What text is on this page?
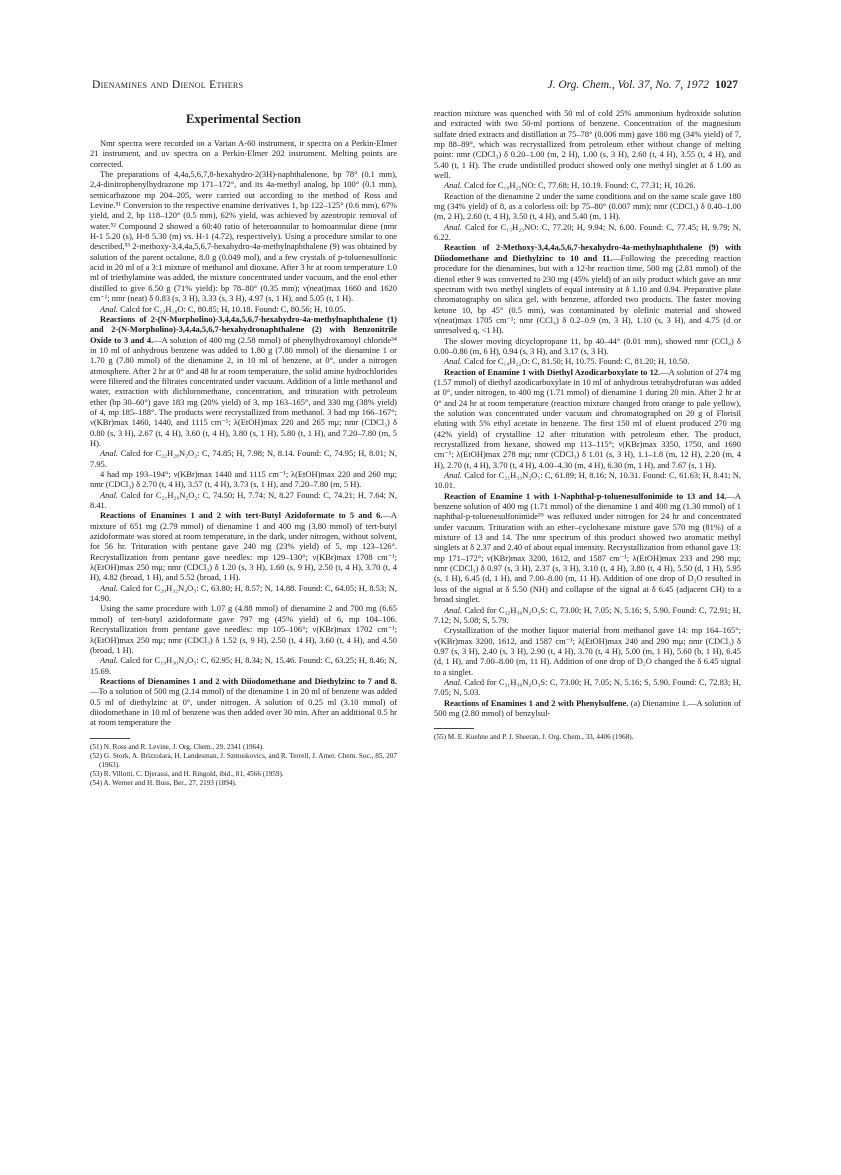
Dienamines and Dienol Ethers	J. Org. Chem., Vol. 37, No. 7, 1972 1027
Experimental Section

Nmr spectra were recorded on a Varian A-60 instrument, ir spectra on a Perkin-Elmer 21 instrument, and uv spectra on a Perkin-Elmer 202 instrument. Melting points are corrected.

The preparations of 4,4a,5,6,7,8-hexahydro-2(3H)-naphthalenone, bp 78° (0.1 mm), 2,4-dinitrophenylhydrazone mp 171–172°, and its 4a-methyl analog, bp 100° (0.1 mm), semicarbazone mp 204–205, were carried out according to the method of Ross and Levine.⁵¹ Conversion to the respective enamine derivatives 1, bp 122–125° (0.6 mm), 67% yield, and 2, bp 118–120° (0.5 mm), 62% yield, was achieved by azeotropic removal of water.⁵² Compound 2 showed a 60:40 ratio of heteroannular to homoannular diene (nmr H-1 5.20 (s), H-8 5.30 (m) vs. H-1 (4.72), respectively). Using a procedure similar to one described,⁵³ 2-methoxy-3,4,4a,5,6,7-hexahydro-4a-methylnaphthalene (9) was obtained by solution of the parent octalone, 8.0 g (0.049 mol), and a few crystals of p-toluenesulfonic acid in 20 ml of a 3:1 mixture of methanol and dioxane. After 3 hr at room temperature 1.0 ml of triethylamine was added, the mixture concentrated under vacuum, and the enol ether distilled to give 6.50 g (71% yield): bp 78–80° (0.35 mm); ν(neat)max 1660 and 1620 cm⁻¹; nmr (neat) δ 0.83 (s, 3 H), 3.33 (s, 3 H), 4.97 (s, 1 H), and 5.05 (t, 1 H).

Anal. Calcd for C₁₃H₁₈O: C, 80.85; H, 10.18. Found: C, 80.56; H, 10.05.

Reactions of 2-(N-Morpholino)-3,4,4a,5,6,7-hexahydro-4a-methylnaphthalene (1) and 2-(N-Morpholino)-3,4,4a,5,6,7-hexahydronaphthalene (2) with Benzonitrile Oxide to 3 and 4.—A solution of 400 mg (2.58 mmol) of phenylhydroxamoyl chloride⁵⁴ in 10 ml of anhydrous benzene was added to 1.80 g (7.80 mmol) of the dienamine 1 or 1.70 g (7.80 mmol) of the dienamine 2, in 10 ml of benzene, at 0°, under a nitrogen atmosphere. After 2 hr at 0° and 48 hr at room temperature, the solid amine hydrochlorides were filtered and the filtrates concentrated under vacuum. Addition of a little methanol and water, extraction with dichloromethane, concentration, and trituration with petroleum ether (bp 30–60°) gave 183 mg (20% yield) of 3, mp 163–165°, and 330 mg (38% yield) of 4, mp 185–188°. The products were recrystallized from methanol. 3 had mp 166–167°; ν(KBr)max 1460, 1440, and 1115 cm⁻¹; λ(EtOH)max 220 and 265 mμ; nmr (CDCl₃) δ 0.80 (s, 3 H), 2.67 (t, 4 H), 3.60 (t, 4 H), 3.80 (s, 1 H), 5.80 (t, 1 H), and 7.20–7.80 (m, 5 H).

Anal. Calcd for C₂₂H₂₈N₂O₂: C, 74.85; H, 7.98; N, 8.14. Found: C, 74.95; H, 8.01; N, 7.95.

4 had mp 193–194°; ν(KBr)max 1440 and 1115 cm⁻¹; λ(EtOH)max 220 and 260 mμ; nmr (CDCl₃) δ 2.70 (t, 4 H), 3.57 (t, 4 H), 3.73 (s, 1 H), and 7.20–7.80 (m, 5 H).

Anal. Calcd for C₂₁H₂₆N₂O₂: C, 74.50; H, 7.74; N, 8.27 Found: C, 74.21; H, 7.64; N, 8.41.

Reactions of Enamines 1 and 2 with tert-Butyl Azidoformate to 5 and 6.—A mixture of 651 mg (2.79 mmol) of dienamine 1 and 400 mg (3.80 mmol) of tert-butyl azidoformate was stored at room temperature, in the dark, under nitrogen, without solvent, for 56 hr. Trituration with pentane gave 240 mg (23% yield) of 5, mp 123–126°. Recrystallization from pentane gave needles: mp 129–130°; ν(KBr)max 1708 cm⁻¹; λ(EtOH)max 250 mμ; nmr (CDCl₃) δ 1.20 (s, 3 H), 1.60 (s, 9 H), 2.50 (t, 4 H), 3.70 (t, 4 H), 4.82 (broad, 1 H), and 5.52 (broad, 1 H).

Anal. Calcd for C₂₀H₃₂N₄O₃: C, 63.80; H, 8.57; N, 14.88. Found: C, 64.05; H, 8.53; N, 14.90.

Using the same procedure with 1.07 g (4.88 mmol) of dienamine 2 and 700 mg (6.65 mmol) of tert-butyl azidoformate gave 797 mg (45% yield) of 6, mp 104–106. Recrystallization from pentane gave needles: mp 105–106°; ν(KBr)max 1702 cm⁻¹; λ(EtOH)max 250 mμ; nmr (CDCl₃) δ 1.52 (s, 9 H), 2.50 (t, 4 H), 3.60 (t, 4 H), and 4.50 (broad, 1 H).

Anal. Calcd for C₁₉H₃₀N₄O₃: C, 62.95; H, 8.34; N, 15.46. Found: C, 63.25; H, 8.46; N, 15.69.

Reactions of Dienamines 1 and 2 with Diiodomethane and Diethylzinc to 7 and 8.—To a solution of 500 mg (2.14 mmol) of the dienamine 1 in 20 ml of benzene was added 0.5 ml of diethylzinc at 0°, under nitrogen. A solution of 0.25 ml (3.10 mmol) of diiodomethane in 10 ml of benzene was then added over 30 min. After an additional 0.5 hr at room temperature the

(51) N. Ross and R. Levine, J. Org. Chem., 29, 2341 (1964).

(52) G. Stork, A. Brizzolara, H. Landesman, J. Szmuskovics, and R. Terrell, J. Amer. Chem. Soc., 85, 207 (1963).

(53) R. Villotti, C. Djerassi, and H. Ringold, ibid., 81, 4566 (1959).

(54) A. Werner and H. Buss, Ber., 27, 2193 (1894).

reaction mixture was quenched with 50 ml of cold 25% ammonium hydroxide solution and extracted with two 50-ml portions of benzene. Concentration of the magnesium sulfate dried extracts and distillation at 75–78° (0.006 mm) gave 180 mg (34% yield) of 7, mp 88–89°, which was recrystallized from petroleum ether without change of melting point: nmr (CDCl₃) δ 0.20–1.00 (m, 2 H), 1.00 (s, 3 H), 2.60 (t, 4 H), 3.55 (t, 4 H), and 5.40 (t, 1 H). The crude undistilled product showed only one methyl singlet at δ 1.00 as well.

Anal. Calcd for C₁₆H₂₅NO: C, 77.68; H, 10.19. Found: C, 77.31; H, 10.26.

Reaction of the dienamine 2 under the same conditions and on the same scale gave 180 mg (34% yield) of 8, as a colorless oil: bp 75–80° (0.007 mm); nmr (CDCl₃) δ 0.40–1.00 (m, 2 H), 2.60 (t, 4 H), 3.50 (t, 4 H), and 5.40 (m, 1 H).

Anal. Calcd for C₁₅H₂₃NO: C, 77.20; H, 9.94; N, 6.00. Found: C, 77.45; H, 9.79; N, 6.22.

Reaction of 2-Methoxy-3,4,4a,5,6,7-hexahydro-4a-methylnaphthalene (9) with Diiodomethane and Diethylzinc to 10 and 11.—Following the preceding reaction procedure for the dienamines, but with a 12-hr reaction time, 500 mg (2.81 mmol) of the dienol ether 9 was converted to 230 mg (45% yield) of an oily product which gave an nmr spectrum with two methyl singlets of equal intensity at δ 1.10 and 0.94. Preparative plate chromatography on silica gel, with benzene, afforded two products. The faster moving ketone 10, bp 45° (0.5 mm), was contaminated by olefinic material and showed ν(neat)max 1705 cm⁻¹; nmr (CCl₄) δ 0.2–0.9 (m, 3 H), 1.10 (s, 3 H), and 4.75 (d or unresolved q, <1 H).

The slower moving dicyclopropane 11, bp 40–44° (0.01 mm), showed nmr (CCl₄) δ 0.00–0.86 (m, 6 H), 0.94 (s, 3 H), and 3.17 (s, 3 H).

Anal. Calcd for C₁₄H₂₂O: C, 81.50; H, 10.75. Found: C, 81.20; H, 10.50.

Reaction of Enamine 1 with Diethyl Azodicarboxylate to 12.—A solution of 274 mg (1.57 mmol) of diethyl azodicarboxylate in 10 ml of anhydrous tetrahydrofuran was added at 0°, under nitrogen, to 400 mg (1.71 mmol) of dienamine 1 during 20 min. After 2 hr at 0° and 24 hr at room temperature (reaction mixture changed from orange to pale yellow), the solution was concentrated under vacuum and chromatographed on 20 g of Florisil eluting with 5% ethyl acetate in benzene. The first 150 ml of eluent produced 270 mg (42% yield) of crystalline 12 after trituration with petroleum ether. The product, recrystallized from hexane, showed mp 113–115°; ν(KBr)max 3350, 1750, and 1690 cm⁻¹; λ(EtOH)max 278 mμ; nmr (CDCl₃) δ 1.01 (s, 3 H), 1.1–1.8 (m, 12 H), 2.20 (m, 4 H), 2.70 (t, 4 H), 3.70 (t, 4 H), 4.00–4.30 (m, 4 H), 6.30 (m, 1 H), and 7.67 (s, 1 H).

Anal. Calcd for C₂₁H₃₃N₃O₅: C, 61.89; H, 8.16; N, 10.31. Found: C, 61.63; H, 8.41; N, 10.01.

Reaction of Enamine 1 with 1-Naphthal-p-toluenesulfonimide to 13 and 14.—A benzene solution of 400 mg (1.71 mmol) of the dienamine 1 and 400 mg (1.30 mmol) of 1 naphthal-p-toluenesulfonimide⁵⁵ was refluxed under nitrogen for 24 hr and concentrated under vacuum. Trituration with an ether–cyclohexane mixture gave 570 mg (81%) of a mixture of 13 and 14. The nmr spectrum of this product showed two aromatic methyl singlets at δ 2.37 and 2.40 of about equal intensity. Recrystallization from ethanol gave 13: mp 171–172°; ν(KBr)max 3200, 1612, and 1587 cm⁻¹; λ(EtOH)max 233 and 298 mμ; nmr (CDCl₃) δ 0.97 (s, 3 H), 2.37 (s, 3 H), 3.10 (t, 4 H), 3.80 (t, 4 H), 5.50 (d, 1 H), 5.95 (s, 1 H), 6.45 (d, 1 H), and 7.00–8.00 (m, 11 H). Addition of one drop of D₂O resulted in loss of the signal at δ 5.50 (NH) and collapse of the signal at δ 6.45 (adjacent CH) to a broad singlet.

Anal. Calcd for C₃₂H₃₆N₂O₃S: C, 73.00; H, 7.05; N, 5.16; S, 5.90. Found: C, 72.91; H, 7.12; N, 5.08; S, 5.79.

Crystallization of the mother liquor material from methanol gave 14: mp 164–165°; ν(KBr)max 3200, 1612, and 1587 cm⁻¹; λ(EtOH)max 240 and 290 mμ; nmr (CDCl₃) δ 0.97 (s, 3 H), 2.40 (s, 3 H), 2.90 (t, 4 H), 3.70 (t, 4 H), 5.00 (m, 1 H), 5.60 (b, 1 H), 6.45 (d, 1 H), and 7.00–8.00 (m, 11 H). Addition of one drop of D₂O changed the δ 6.45 signal to a singlet.

Anal. Calcd for C₃₁H₃₆N₂O₃S: C, 73.00; H, 7.05; N, 5.16; S, 5.90. Found: C, 72.83; H, 7.05; N, 5.03.

Reactions of Enamines 1 and 2 with Phenylsulfene. (a) Dienamine 1.—A solution of 500 mg (2.80 mmol) of benzylsul-

(55) M. E. Kuehne and P. J. Sheeran, J. Org. Chem., 33, 4406 (1968).
